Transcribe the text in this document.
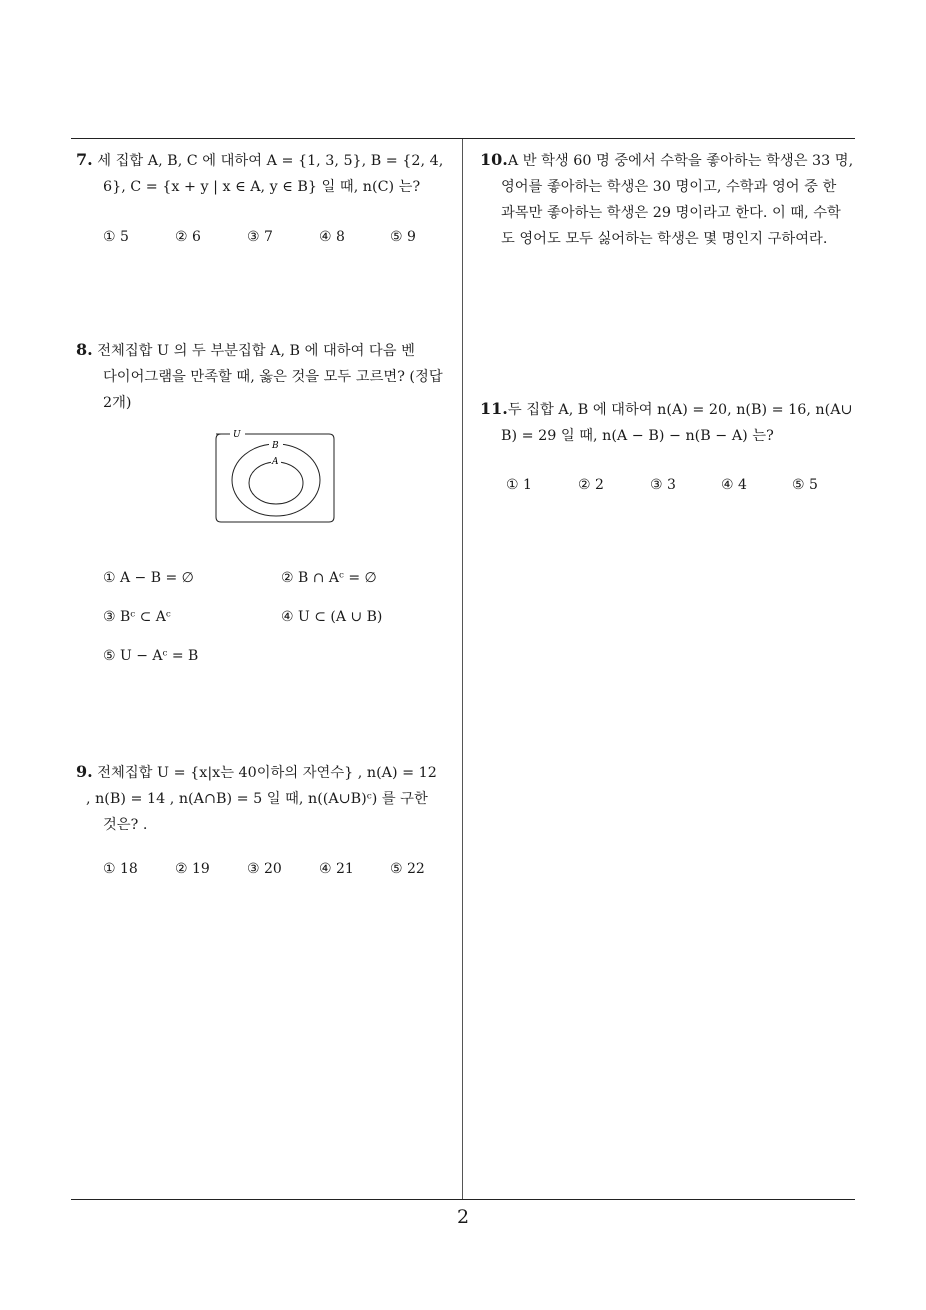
7. 세 집합 A, B, C 에 대하여 A = {1, 3, 5}, B = {2, 4,
6}, C = {x + y | x ∈ A, y ∈ B} 일 때, n(C) 는?
① 5	② 6	③ 7	④ 8	⑤ 9
8. 전체집합 U 의 두 부분집합 A, B 에 대하여 다음 벤
다이어그램을 만족할 때, 옳은 것을 모두 고르면? (정답
2개)
U
B
A
① A − B = ∅	② B ∩ Aᶜ = ∅
③ Bᶜ ⊂ Aᶜ	④ U ⊂ (A ∪ B)
⑤ U − Aᶜ = B
9. 전체집합 U = {x|x는 40이하의 자연수} , n(A) = 12
, n(B) = 14 , n(A∩B) = 5 일 때, n((A∪B)ᶜ) 를 구한
것은? .
① 18	② 19	③ 20	④ 21	⑤ 22
10.A 반 학생 60 명 중에서 수학을 좋아하는 학생은 33 명,
영어를 좋아하는 학생은 30 명이고, 수학과 영어 중 한
과목만 좋아하는 학생은 29 명이라고 한다. 이 때, 수학
도 영어도 모두 싫어하는 학생은 몇 명인지 구하여라.
11.두 집합 A, B 에 대하여 n(A) = 20, n(B) = 16, n(A∪
B) = 29 일 때, n(A − B) − n(B − A) 는?
① 1	② 2	③ 3	④ 4	⑤ 5
2
